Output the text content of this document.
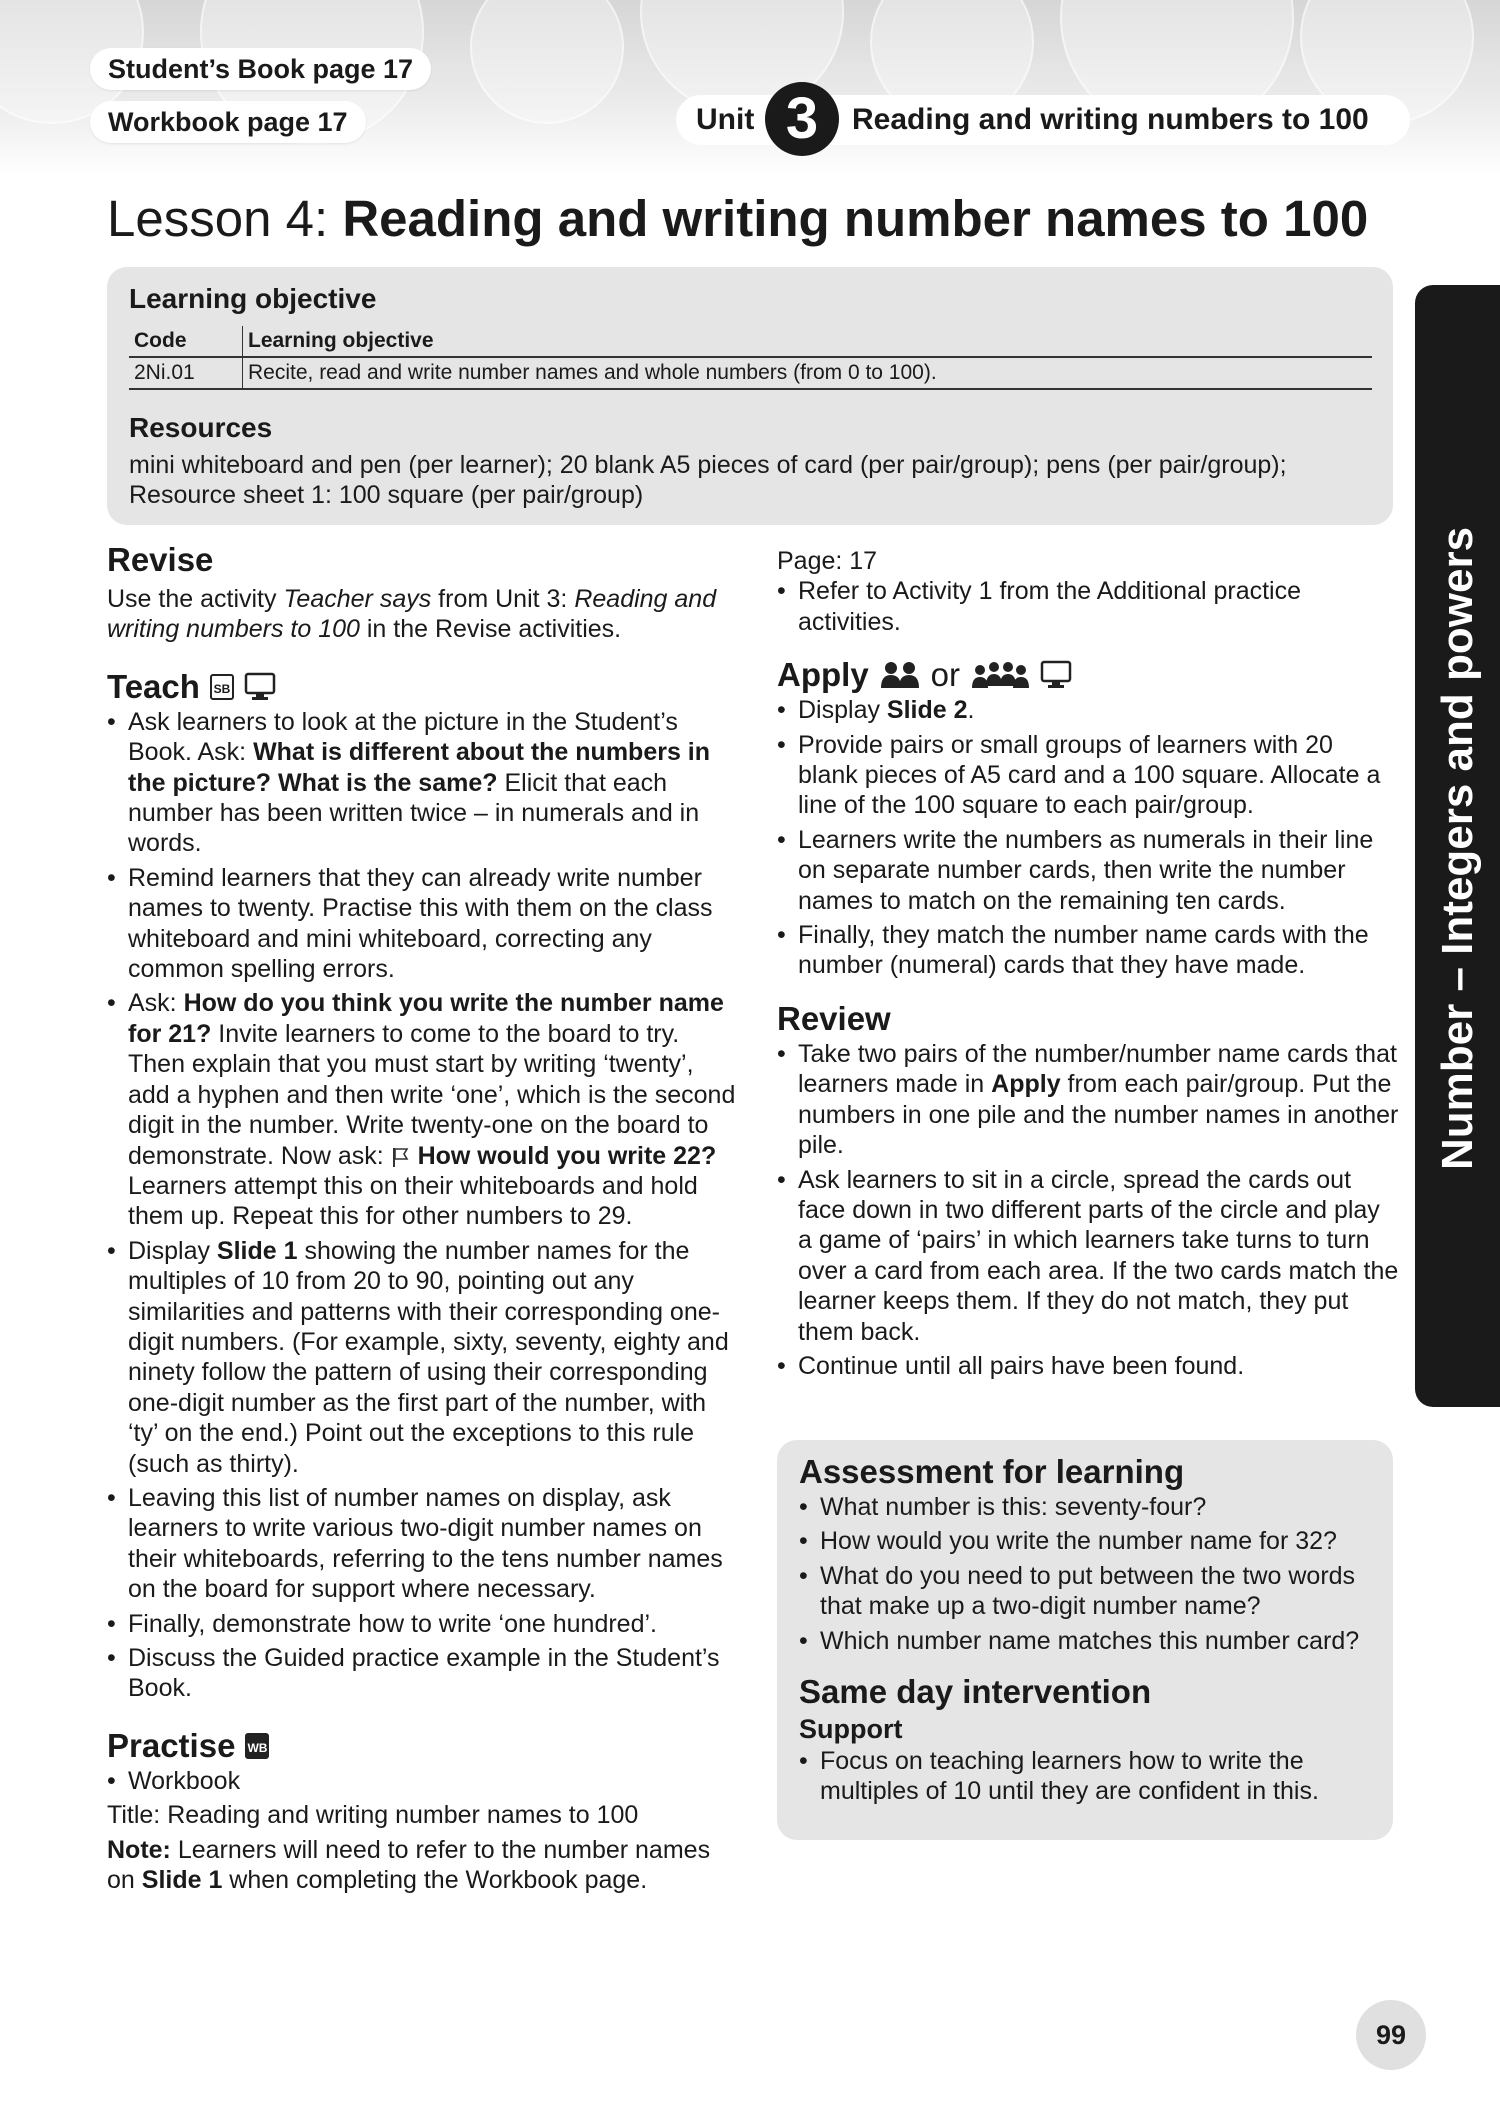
Student’s Book page 17
Workbook page 17	Unit 3	Reading and writing numbers to 100
Lesson 4: Reading and writing number names to 100
Learning objective
Code	Learning objective
2Ni.01	Recite, read and write number names and whole numbers (from 0 to 100).
Resources
mini whiteboard and pen (per learner); 20 blank A5 pieces of card (per pair/group); pens (per pair/group); Resource sheet 1: 100 square (per pair/group)

Revise

Use the activity Teacher says from Unit 3: Reading and writing numbers to 100 in the Revise activities.

Teach	SB

• Ask learners to look at the picture in the Student’s Book. Ask: What is different about the numbers in the picture? What is the same? Elicit that each number has been written twice – in numerals and in words.
• Remind learners that they can already write number names to twenty. Practise this with them on the class whiteboard and mini whiteboard, correcting any common spelling errors.
• Ask: How do you think you write the number name for 21? Invite learners to come to the board to try. Then explain that you must start by writing ‘twenty’, add a hyphen and then write ‘one’, which is the second digit in the number. Write twenty-one on the board to demonstrate. Now ask:  How would you write 22? Learners attempt this on their whiteboards and hold them up. Repeat this for other numbers to 29.
• Display Slide 1 showing the number names for the multiples of 10 from 20 to 90, pointing out any similarities and patterns with their corresponding one-digit numbers. (For example, sixty, seventy, eighty and ninety follow the pattern of using their corresponding one-digit number as the first part of the number, with ‘ty’ on the end.) Point out the exceptions to this rule (such as thirty).
• Leaving this list of number names on display, ask learners to write various two-digit number names on their whiteboards, referring to the tens number names on the board for support where necessary.
• Finally, demonstrate how to write ‘one hundred’.
• Discuss the Guided practice example in the Student’s Book.

Practise WB

• Workbook

Title: Reading and writing number names to 100

Note: Learners will need to refer to the number names on Slide 1 when completing the Workbook page.

Page: 17

• Refer to Activity 1 from the Additional practice activities.

Apply or

• Display Slide 2.
• Provide pairs or small groups of learners with 20 blank pieces of A5 card and a 100 square. Allocate a line of the 100 square to each pair/group.
• Learners write the numbers as numerals in their line on separate number cards, then write the number names to match on the remaining ten cards.
• Finally, they match the number name cards with the number (numeral) cards that they have made.

Review

• Take two pairs of the number/number name cards that learners made in Apply from each pair/group. Put the numbers in one pile and the number names in another pile.
• Ask learners to sit in a circle, spread the cards out face down in two different parts of the circle and play a game of ‘pairs’ in which learners take turns to turn over a card from each area. If the two cards match the learner keeps them. If they do not match, they put them back.
• Continue until all pairs have been found.

Assessment for learning

• What number is this: seventy-four?
• How would you write the number name for 32?
• What do you need to put between the two words that make up a two-digit number name?
• Which number name matches this number card?

Same day intervention

Support

• Focus on teaching learners how to write the multiples of 10 until they are confident in this.
Number – Integers and powers
99
